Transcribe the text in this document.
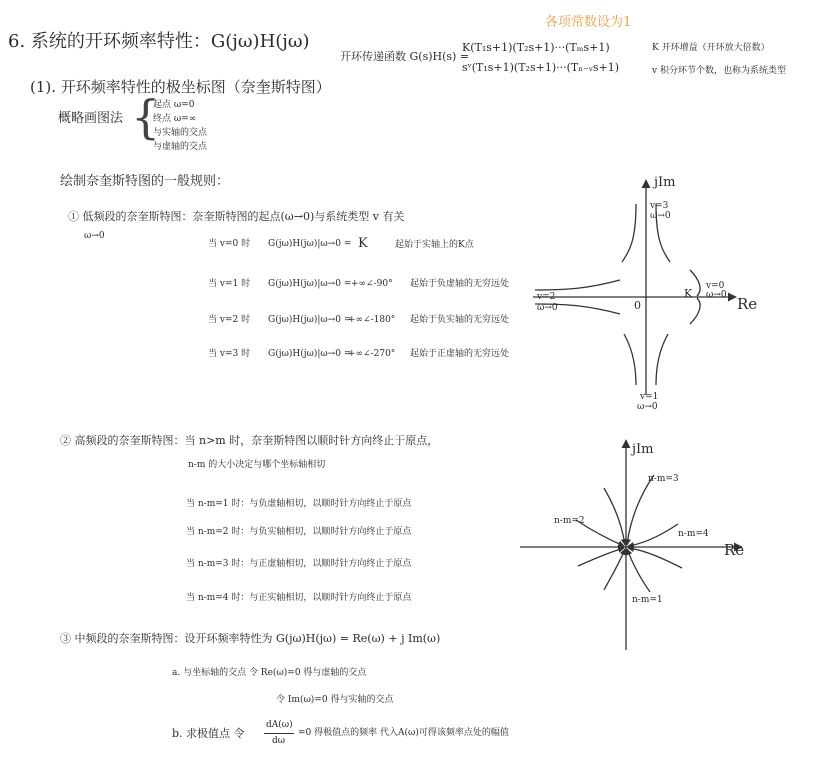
6. 系统的开环频率特性：G(jω)H(jω)
各项常数设为1
开环传递函数 G(s)H(s) =
K(T₁s+1)(T₂s+1)···(Tₘs+1)
sᵛ(T₁s+1)(T₂s+1)···(Tₙ₋ᵥs+1)
K 开环增益（开环放大倍数）
v 积分环节个数，也称为系统类型
(1). 开环频率特性的极坐标图（奈奎斯特图）
概略画图法 {
起点 ω=0
终点 ω=∞
与实轴的交点
与虚轴的交点
绘制奈奎斯特图的一般规则：
① 低频段的奈奎斯特图：奈奎斯特图的起点(ω→0)与系统类型 v 有关
ω→0
当 v=0 时 G(jω)H(jω)|ω→0 = K	起始于实轴上的K点
当 v=1 时 G(jω)H(jω)|ω→0 = +∞∠-90° 起始于负虚轴的无穷远处
当 v=2 时 G(jω)H(jω)|ω→0 =
+∞∠-180° 起始于负实轴的无穷远处
当 v=3 时 G(jω)H(jω)|ω→0 =
+∞∠-270° 起始于正虚轴的无穷远处
② 高频段的奈奎斯特图：当 n>m 时，奈奎斯特图以顺时针方向终止于原点，
n-m 的大小决定与哪个坐标轴相切
当 n-m=1 时：与负虚轴相切，以顺时针方向终止于原点
当 n-m=2 时：与负实轴相切，以顺时针方向终止于原点
当 n-m=3 时：与正虚轴相切，以顺时针方向终止于原点
当 n-m=4 时：与正实轴相切，以顺时针方向终止于原点
③ 中频段的奈奎斯特图：设开环频率特性为 G(jω)H(jω) = Re(ω) + j Im(ω)
a. 与坐标轴的交点 令 Re(ω)=0 得与虚轴的交点
令 Im(ω)=0 得与实轴的交点
b. 求极值点 令
dA(ω)
dω
=0 得极值点的频率 代入A(ω)可得该频率点处的幅值
jIm
Re
0
K
v=3
ω→0
v=0
ω→0
v=2
ω→0
v=1
ω→0
jIm
Re
n-m=3
n-m=2
n-m=4
n-m=1
